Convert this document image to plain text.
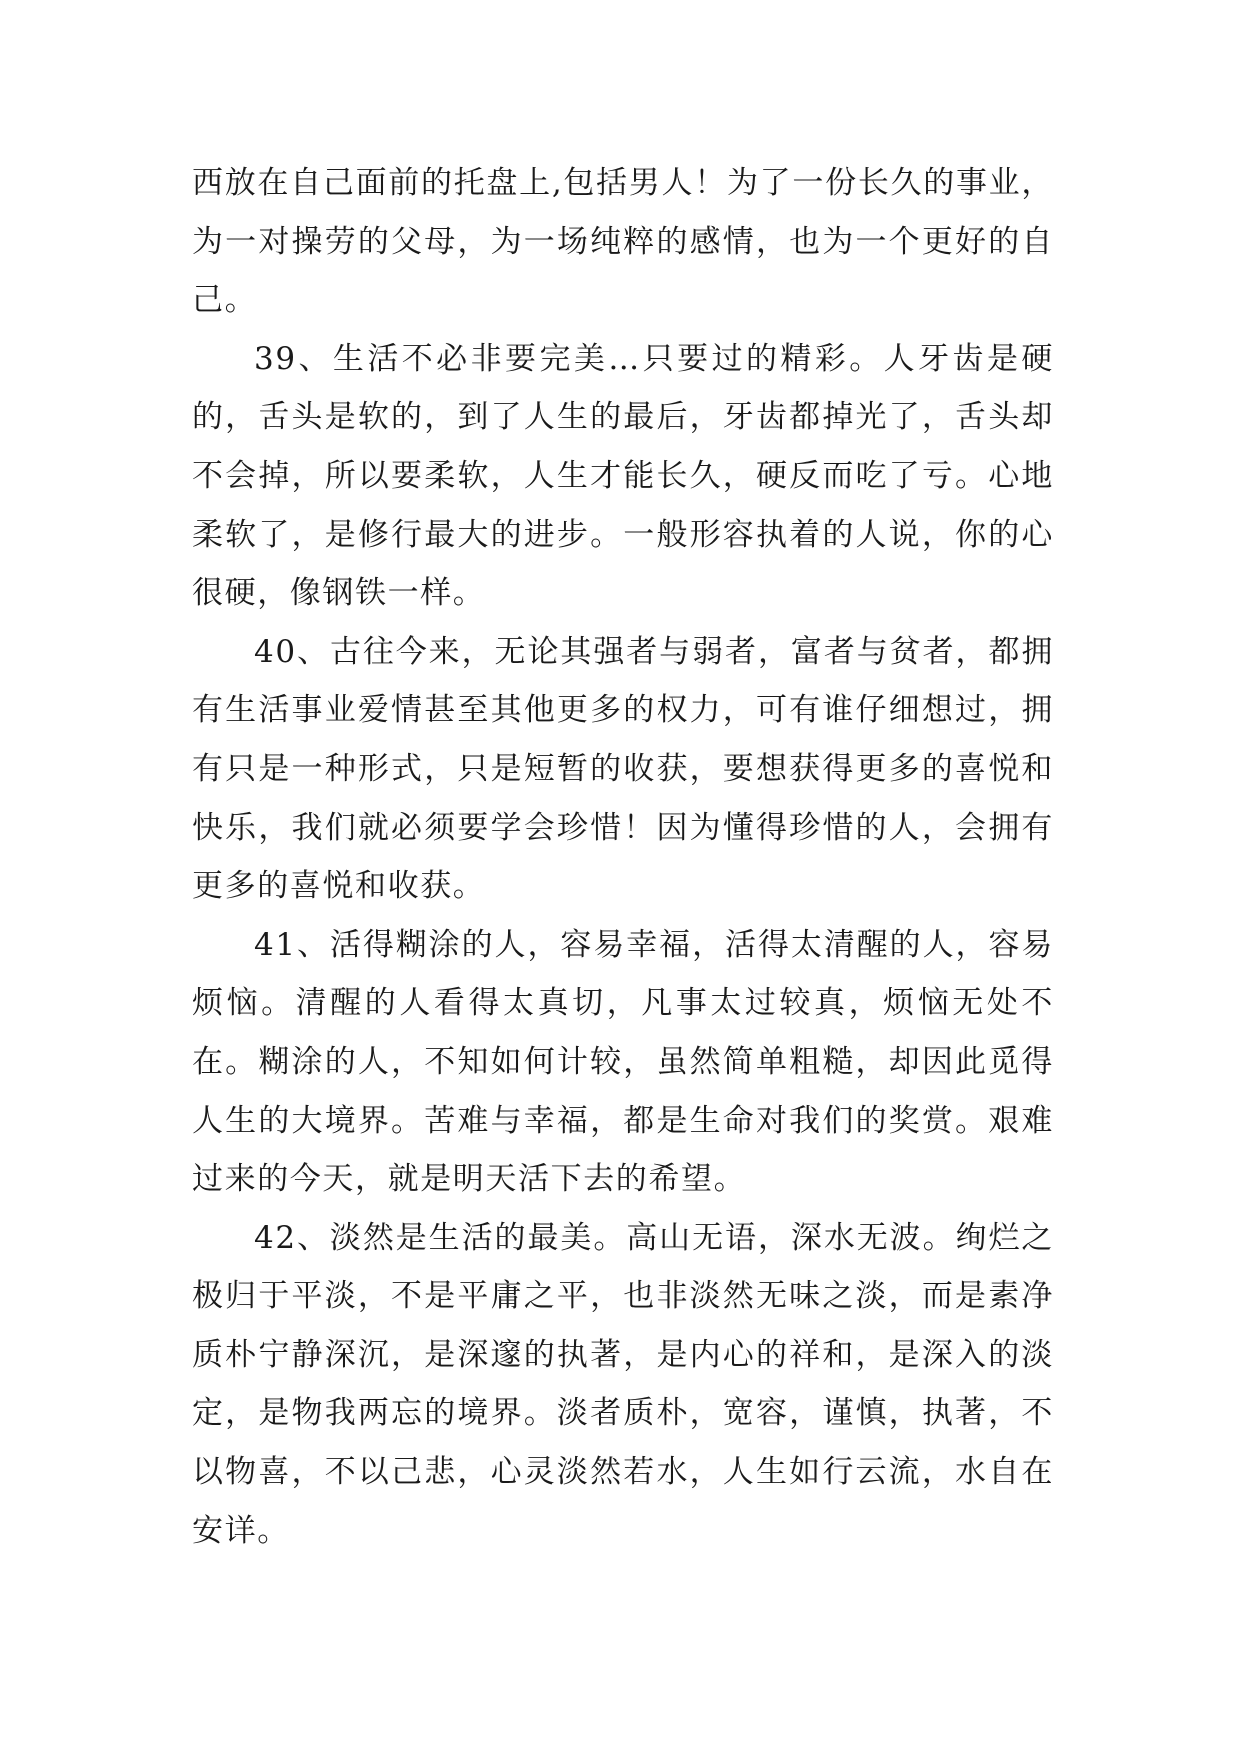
西放在自己面前的托盘上,包括男人！为了一份长久的事业，为一对操劳的父母，为一场纯粹的感情，也为一个更好的自己。

39、生活不必非要完美…只要过的精彩。人牙齿是硬的，舌头是软的，到了人生的最后，牙齿都掉光了，舌头却不会掉，所以要柔软，人生才能长久，硬反而吃了亏。心地柔软了，是修行最大的进步。一般形容执着的人说，你的心很硬，像钢铁一样。

40、古往今来，无论其强者与弱者，富者与贫者，都拥有生活事业爱情甚至其他更多的权力，可有谁仔细想过，拥有只是一种形式，只是短暂的收获，要想获得更多的喜悦和快乐，我们就必须要学会珍惜！因为懂得珍惜的人，会拥有更多的喜悦和收获。

41、活得糊涂的人，容易幸福，活得太清醒的人，容易烦恼。清醒的人看得太真切，凡事太过较真，烦恼无处不在。糊涂的人，不知如何计较，虽然简单粗糙，却因此觅得人生的大境界。苦难与幸福，都是生命对我们的奖赏。艰难过来的今天，就是明天活下去的希望。

42、淡然是生活的最美。高山无语，深水无波。绚烂之极归于平淡，不是平庸之平，也非淡然无味之淡，而是素净质朴宁静深沉，是深邃的执著，是内心的祥和，是深入的淡定，是物我两忘的境界。淡者质朴，宽容，谨慎，执著，不以物喜，不以己悲，心灵淡然若水，人生如行云流，水自在安详。
